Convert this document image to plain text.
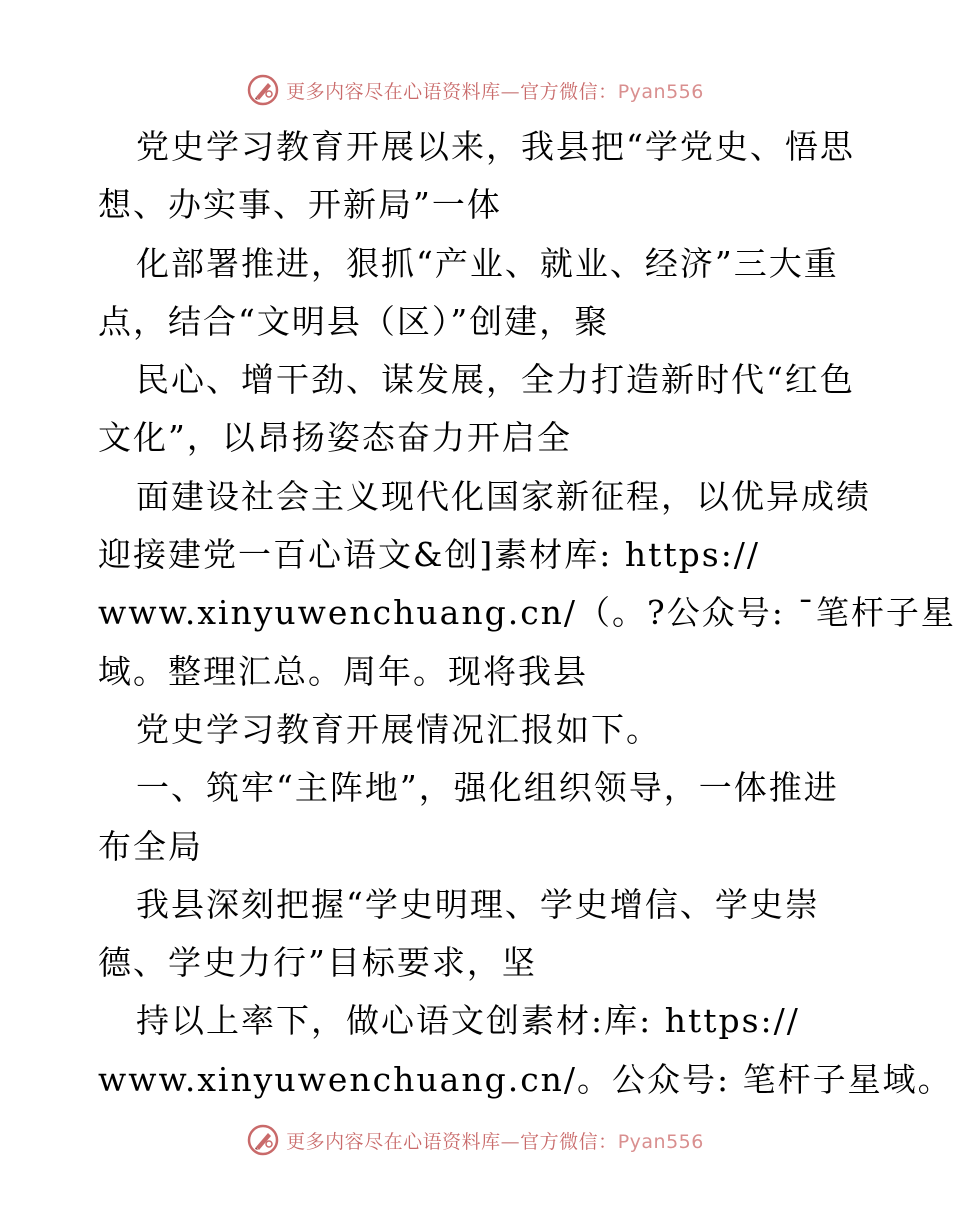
更多内容尽在心语资料库—官方微信：Pyan556
党史学习教育开展以来，我县把“学党史、悟思
想、办实事、开新局”一体
化部署推进，狠抓“产业、就业、经济”三大重
点，结合“文明县（区）”创建，聚
民心、增干劲、谋发展，全力打造新时代“红色
文化”，以昂扬姿态奋力开启全
面建设社会主义现代化国家新征程，以优异成绩
迎接建党一百心语文&创]素材库: https://
www.xinyuwenchuang.cn/（。?公众号: ¯笔杆子星
域。整理汇总。周年。现将我县
党史学习教育开展情况汇报如下。
一、筑牢“主阵地”，强化组织领导，一体推进
布全局
我县深刻把握“学史明理、学史增信、学史崇
德、学史力行”目标要求，坚
持以上率下，做心语文创素材:库: https://
www.xinyuwenchuang.cn/。公众号: 笔杆子星域。
更多内容尽在心语资料库—官方微信：Pyan556
